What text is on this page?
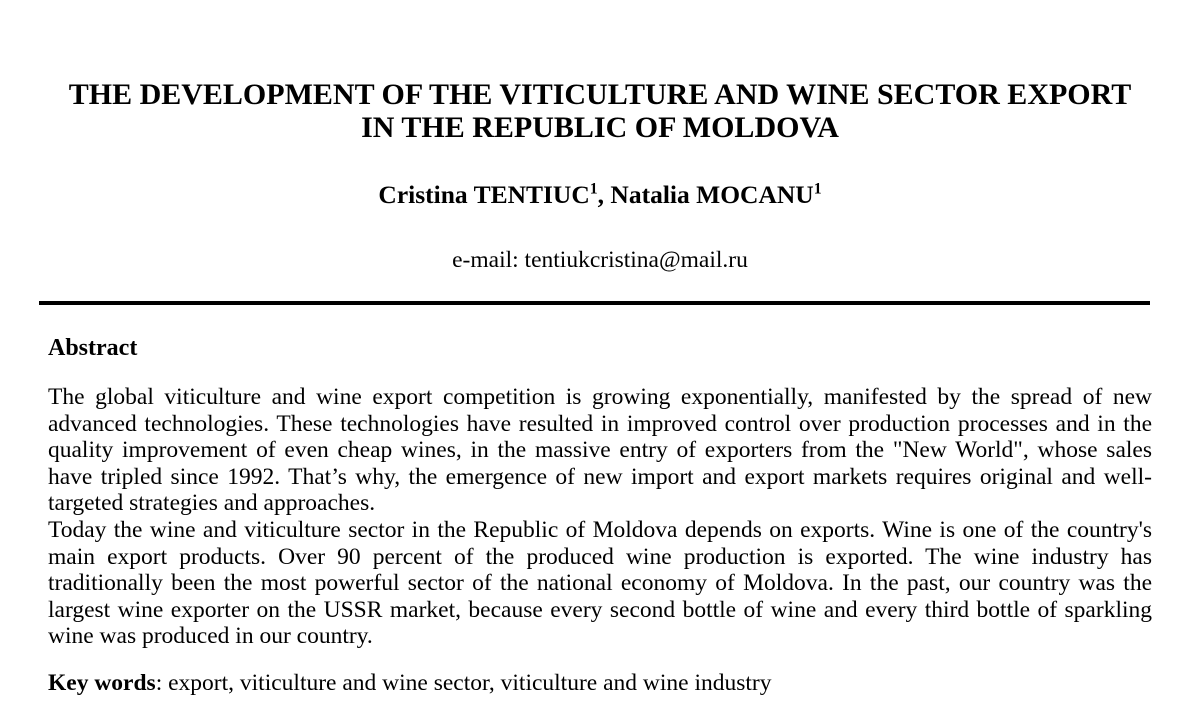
THE DEVELOPMENT OF THE VITICULTURE AND WINE SECTOR EXPORT
IN THE REPUBLIC OF MOLDOVA
Cristina TENTIUC$^1$, Natalia MOCANU$^1$
e-mail: tentiukcristina@mail.ru
Abstract

The global viticulture and wine export competition is growing exponentially, manifested by the spread of new advanced technologies. These technologies have resulted in improved control over production processes and in the quality improvement of even cheap wines, in the massive entry of exporters from the "New World", whose sales have tripled since 1992. That’s why, the emergence of new import and export markets requires original and well-targeted strategies and approaches.

Today the wine and viticulture sector in the Republic of Moldova depends on exports. Wine is one of the country's main export products. Over 90 percent of the produced wine production is exported. The wine industry has traditionally been the most powerful sector of the national economy of Moldova. In the past, our country was the largest wine exporter on the USSR market, because every second bottle of wine and every third bottle of sparkling wine was produced in our country.

Key words: export, viticulture and wine sector, viticulture and wine industry
